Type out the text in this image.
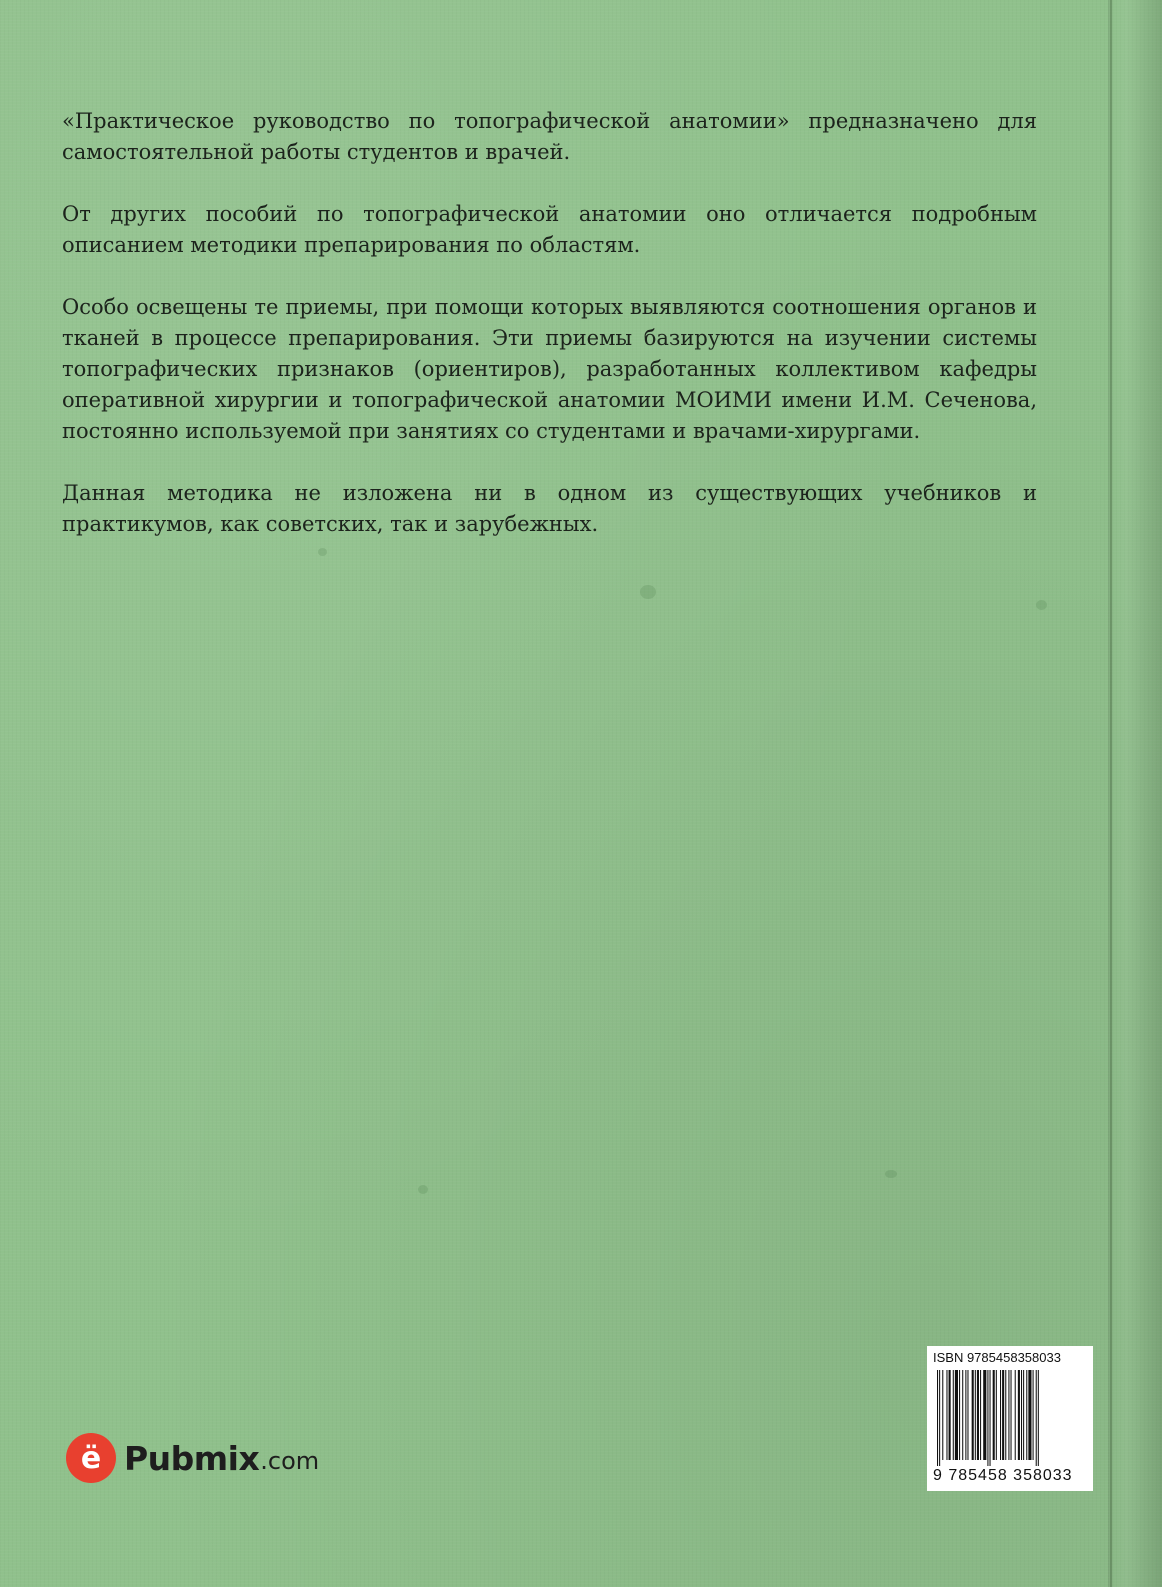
«Практическое руководство по топографической анатомии» предназначено для самостоятельной работы студентов и врачей.

От других пособий по топографической анатомии оно отличается подробным описанием методики препарирования по областям.

Особо освещены те приемы, при помощи которых выявляются соотношения органов и тканей в процессе препарирования. Эти приемы базируются на изучении системы топографических признаков (ориентиров), разработанных коллективом кафедры оперативной хирургии и топографической анатомии МОИМИ имени И.М. Сеченова, постоянно используемой при занятиях со студентами и врачами-хирургами.

Данная методика не изложена ни в одном из существующих учебников и практикумов, как советских, так и зарубежных.

ё Pubmix .com
ISBN 9785458358033
9 785458 358033
